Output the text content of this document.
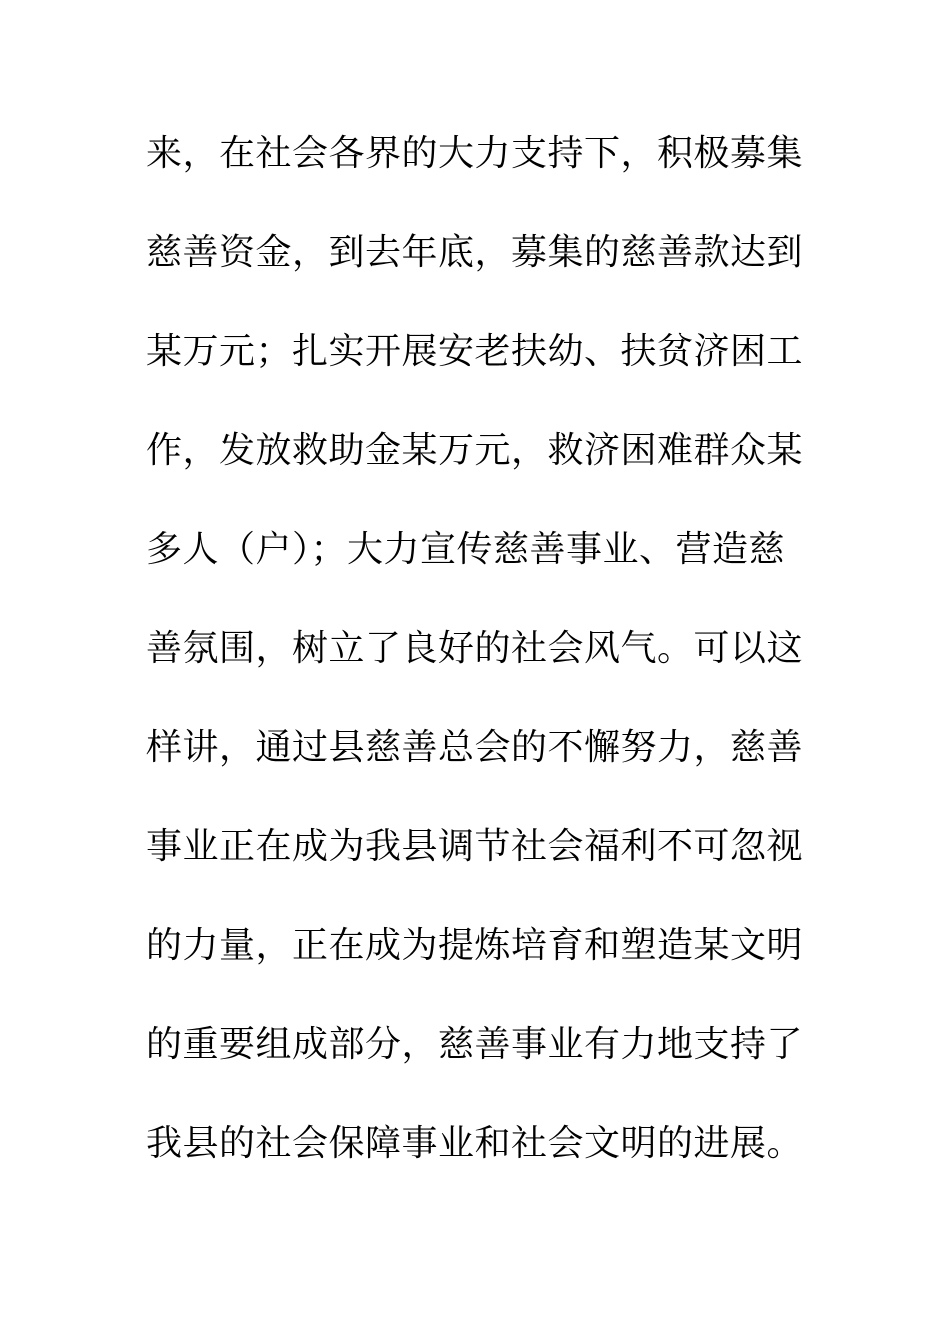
来，在社会各界的大力支持下，积极募集
慈善资金，到去年底，募集的慈善款达到
某万元；扎实开展安老扶幼、扶贫济困工
作，发放救助金某万元，救济困难群众某
多人（户）；大力宣传慈善事业、营造慈
善氛围，树立了良好的社会风气。可以这
样讲，通过县慈善总会的不懈努力，慈善
事业正在成为我县调节社会福利不可忽视
的力量，正在成为提炼培育和塑造某文明
的重要组成部分，慈善事业有力地支持了
我县的社会保障事业和社会文明的进展。
